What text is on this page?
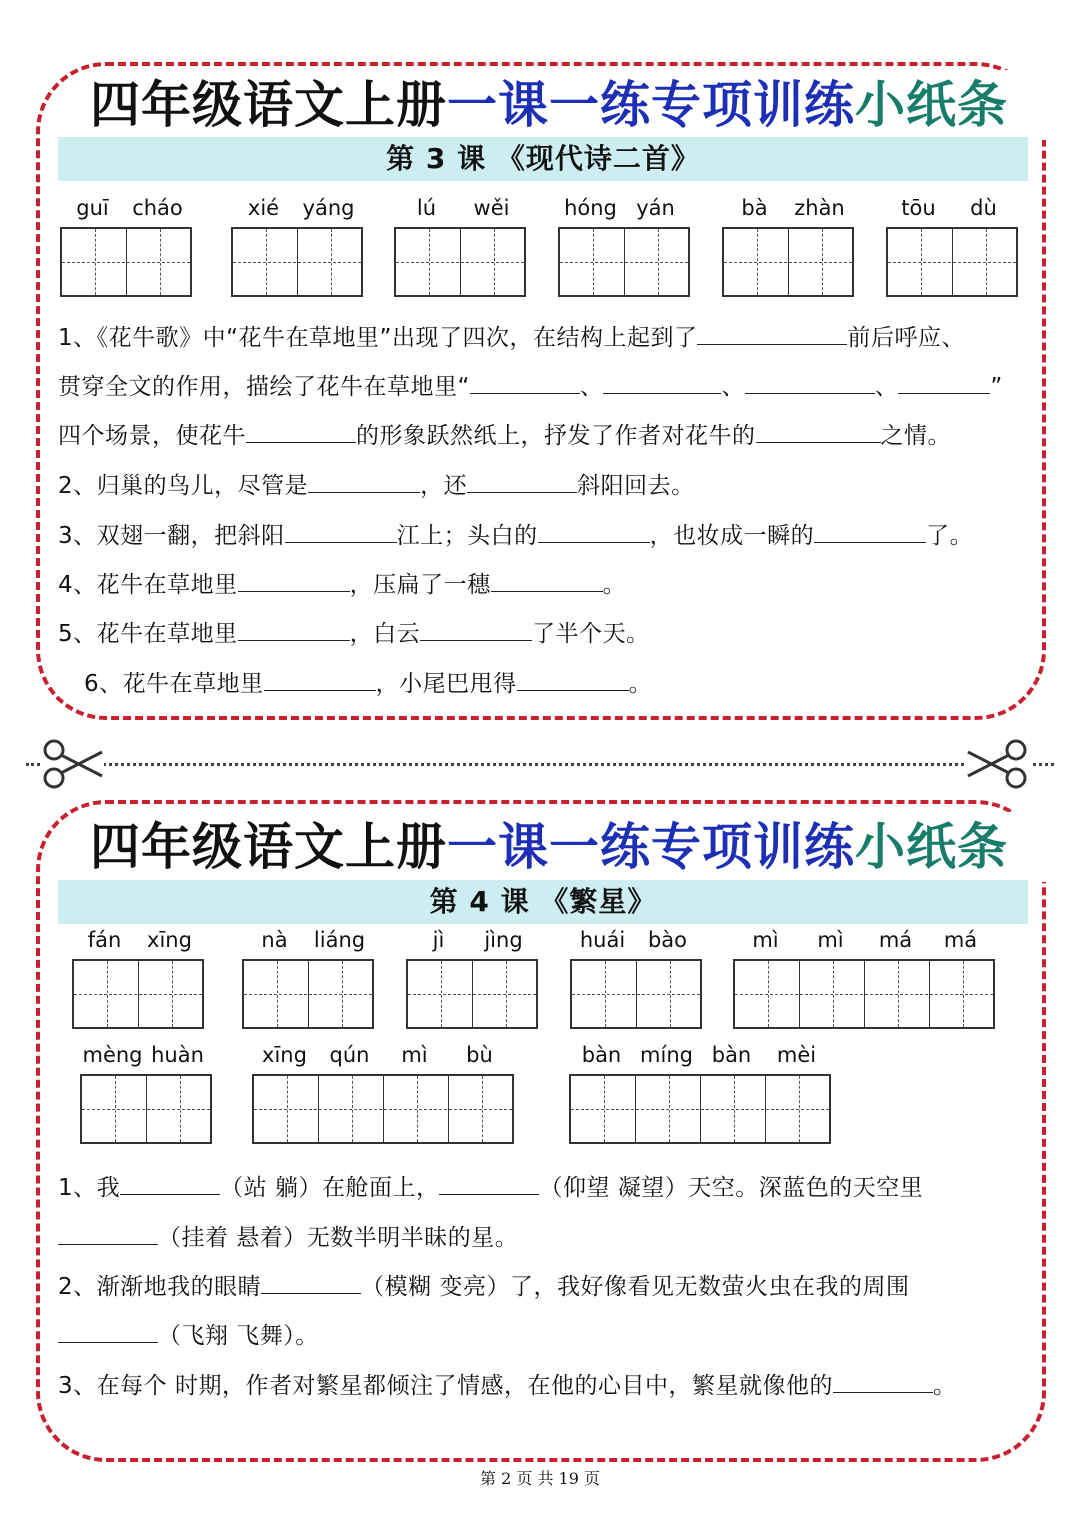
四年级语文上册一课一练专项训练小纸条
第 3 课 《现代诗二首》
guī	cháo	xié	yáng	lú	wěi	hóng yán	bà	zhàn	tōu	dù
1、《花牛歌》中“花牛在草地里”出现了四次，在结构上起到了	前后呼应、
贯穿全文的作用，描绘了花牛在草地里“	、	、	、	”
四个场景，使花牛	的形象跃然纸上，抒发了作者对花牛的	之情。
2、归巢的鸟儿，尽管是	，还	斜阳回去。
3、双翅一翻，把斜阳	江上；头白的	，也妆成一瞬的	了。
4、花牛在草地里	，压扁了一穗	。
5、花牛在草地里	，白云	了半个天。
6、花牛在草地里	，小尾巴甩得	。
四年级语文上册一课一练专项训练小纸条
第 4 课 《繁星》
fán	xīng	nà	liáng	jì	jìng	huái	bào	mì	mì	má	má
mèng huàn	xīng	qún	mì	bù	bàn míng bàn	mèi
1、我	（站 躺）在舱面上，	（仰望 凝望）天空。深蓝色的天空里
（挂着 悬着）无数半明半昧的星。
2、渐渐地我的眼睛	（模糊 变亮）了，我好像看见无数萤火虫在我的周围
（飞翔 飞舞）。
3、在每个 时期，作者对繁星都倾注了情感，在他的心目中，繁星就像他的	。
第 2 页 共 19 页
